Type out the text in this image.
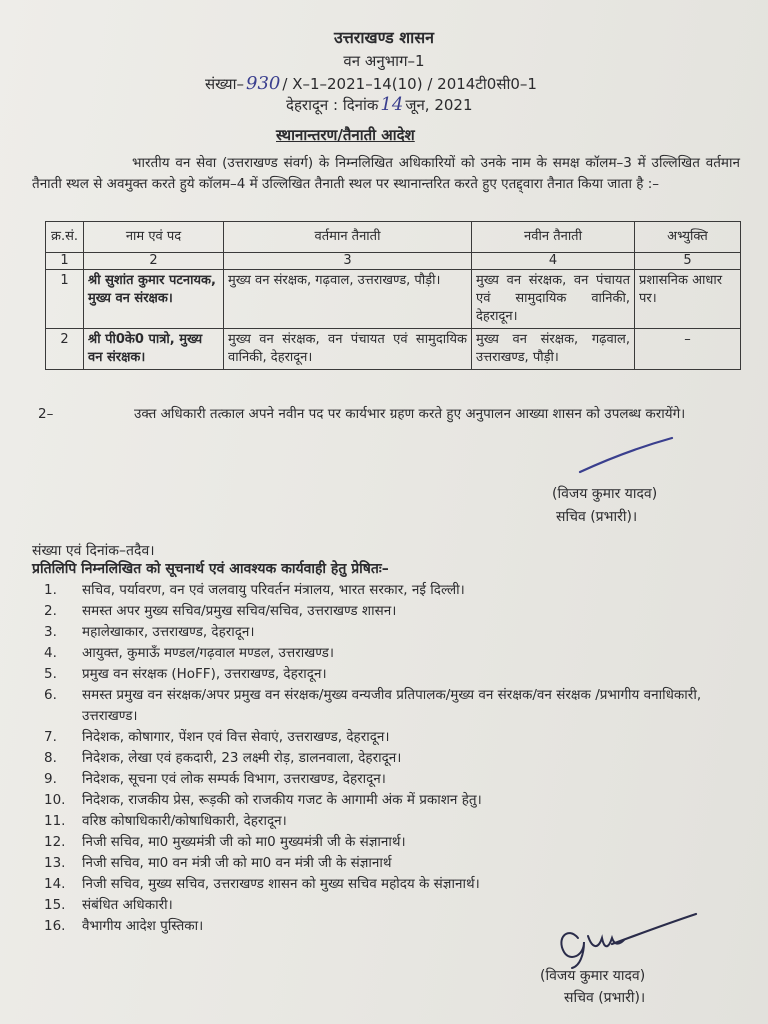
उत्तराखण्ड शासन
वन अनुभाग–1
संख्या– 930 / X–1–2021–14(10) / 2014टी0सी0–1
देहरादून : दिनांक 14 जून, 2021
स्थानान्तरण/तैनाती आदेश
भारतीय वन सेवा (उत्तराखण्ड संवर्ग) के निम्नलिखित अधिकारियों को उनके नाम के समक्ष कॉलम–3 में उल्लिखित वर्तमान तैनाती स्थल से अवमुक्त करते हुये कॉलम–4 में उल्लिखित तैनाती स्थल पर स्थानान्तरित करते हुए एतद्द्वारा तैनात किया जाता है :–
क्र.सं.	नाम एवं पद	वर्तमान तैनाती	नवीन तैनाती	अभ्युक्ति
1	2	3	4	5
1	श्री सुशांत कुमार पटनायक, मुख्य वन संरक्षक।	मुख्य वन संरक्षक, गढ़वाल, उत्तराखण्ड, पौड़ी।	मुख्य वन संरक्षक, वन पंचायत एवं सामुदायिक वानिकी, देहरादून।	प्रशासनिक आधार पर।
2	श्री पी0के0 पात्रो, मुख्य वन संरक्षक।	मुख्य वन संरक्षक, वन पंचायत एवं सामुदायिक वानिकी, देहरादून।	मुख्य वन संरक्षक, गढ़वाल, उत्तराखण्ड, पौड़ी।	–
2–	उक्त अधिकारी तत्काल अपने नवीन पद पर कार्यभार ग्रहण करते हुए अनुपालन आख्या शासन को उपलब्ध करायेंगे।
(विजय कुमार यादव)
सचिव (प्रभारी)।
संख्या एवं दिनांक–तदैव।
प्रतिलिपि निम्नलिखित को सूचनार्थ एवं आवश्यक कार्यवाही हेतु प्रेषितः–
1.	सचिव, पर्यावरण, वन एवं जलवायु परिवर्तन मंत्रालय, भारत सरकार, नई दिल्ली।
2.	समस्त अपर मुख्य सचिव/प्रमुख सचिव/सचिव, उत्तराखण्ड शासन।
3.	महालेखाकार, उत्तराखण्ड, देहरादून।
4.	आयुक्त, कुमाऊँ मण्डल/गढ़वाल मण्डल, उत्तराखण्ड।
5.	प्रमुख वन संरक्षक (HoFF), उत्तराखण्ड, देहरादून।
6.	समस्त प्रमुख वन संरक्षक/अपर प्रमुख वन संरक्षक/मुख्य वन्यजीव प्रतिपालक/मुख्य वन संरक्षक/वन संरक्षक /प्रभागीय वनाधिकारी, उत्तराखण्ड।
7.	निदेशक, कोषागार, पेंशन एवं वित्त सेवाएं, उत्तराखण्ड, देहरादून।
8.	निदेशक, लेखा एवं हकदारी, 23 लक्ष्मी रोड़, डालनवाला, देहरादून।
9.	निदेशक, सूचना एवं लोक सम्पर्क विभाग, उत्तराखण्ड, देहरादून।
10.	निदेशक, राजकीय प्रेस, रूड़की को राजकीय गजट के आगामी अंक में प्रकाशन हेतु।
11.	वरिष्ठ कोषाधिकारी/कोषाधिकारी, देहरादून।
12.	निजी सचिव, मा0 मुख्यमंत्री जी को मा0 मुख्यमंत्री जी के संज्ञानार्थ।
13.	निजी सचिव, मा0 वन मंत्री जी को मा0 वन मंत्री जी के संज्ञानार्थ
14.	निजी सचिव, मुख्य सचिव, उत्तराखण्ड शासन को मुख्य सचिव महोदय के संज्ञानार्थ।
15.	संबंधित अधिकारी।
16.	वैभागीय आदेश पुस्तिका।
(विजय कुमार यादव)
सचिव (प्रभारी)।
